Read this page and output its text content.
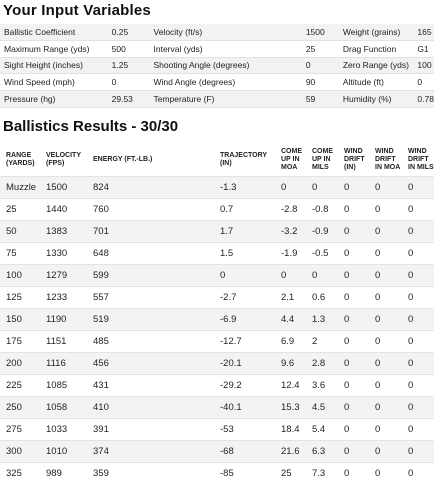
Your Input Variables
Ballistic Coefficient	0.25	Velocity (ft/s)	1500	Weight (grains)	165
Maximum Range (yds)	500	Interval (yds)	25	Drag Function	G1
Sight Height (inches)	1.25	Shooting Angle (degrees)	0	Zero Range (yds)	100
Wind Speed (mph)	0	Wind Angle (degrees)	90	Altitude (ft)	0
Pressure (hg)	29.53	Temperature (F)	59	Humidity (%)	0.78
Ballistics Results - 30/30
RANGE (YARDS)	VELOCITY (FPS)	ENERGY (FT.-LB.)	TRAJECTORY (IN)	COME UP IN MOA	COME UP IN MILS	WIND DRIFT (IN)	WIND DRIFT IN MOA	WIND DRIFT IN MILS
Muzzle	1500	824	-1.3	0	0	0	0	0
25	1440	760	0.7	-2.8	-0.8	0	0	0
50	1383	701	1.7	-3.2	-0.9	0	0	0
75	1330	648	1.5	-1.9	-0.5	0	0	0
100	1279	599	0	0	0	0	0	0
125	1233	557	-2.7	2.1	0.6	0	0	0
150	1190	519	-6.9	4.4	1.3	0	0	0
175	1151	485	-12.7	6.9	2	0	0	0
200	1116	456	-20.1	9.6	2.8	0	0	0
225	1085	431	-29.2	12.4	3.6	0	0	0
250	1058	410	-40.1	15.3	4.5	0	0	0
275	1033	391	-53	18.4	5.4	0	0	0
300	1010	374	-68	21.6	6.3	0	0	0
325	989	359	-85	25	7.3	0	0	0
